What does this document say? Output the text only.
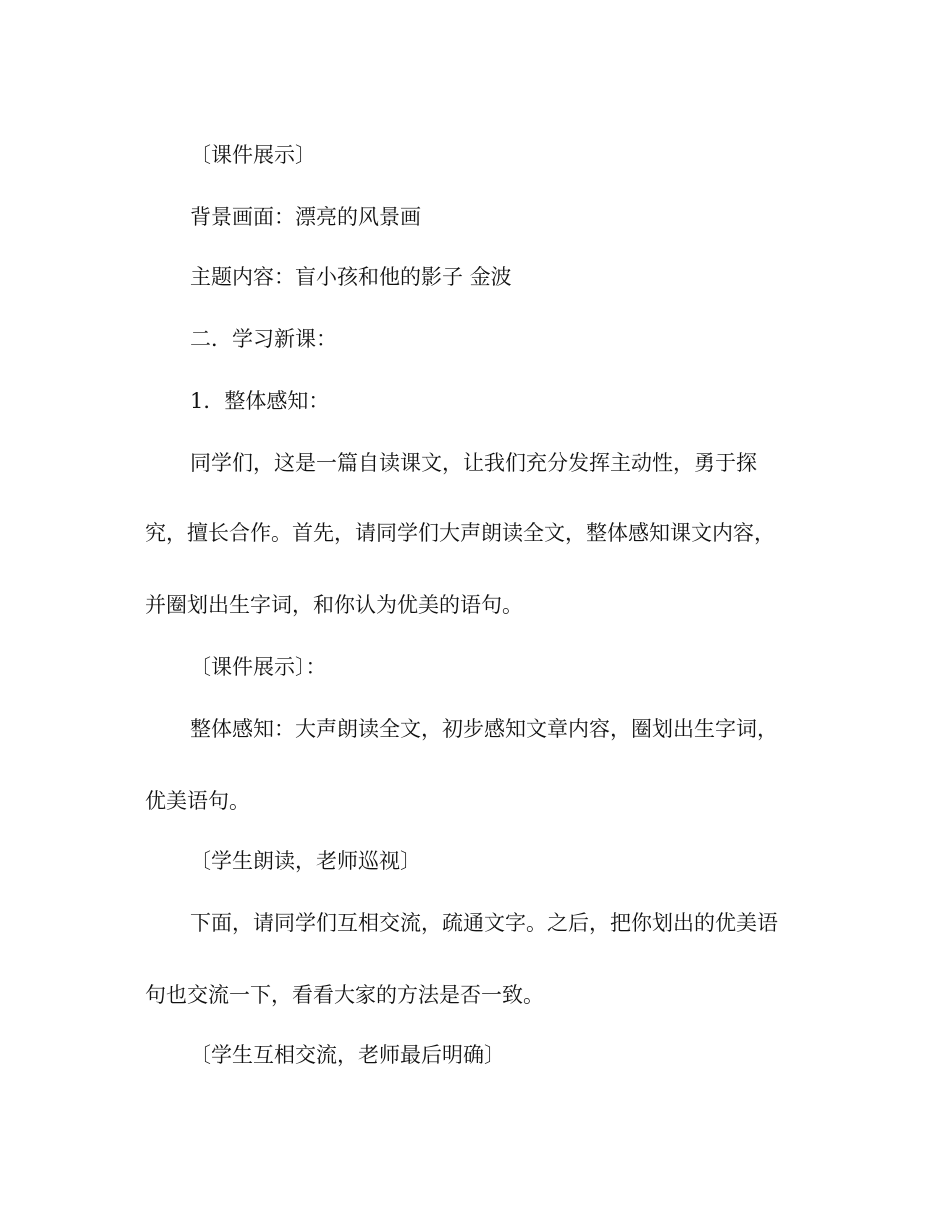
〔课件展示〕
背景画面：漂亮的风景画
主题内容：盲小孩和他的影子 金波
二．学习新课：
1．整体感知：
同学们，这是一篇自读课文，让我们充分发挥主动性，勇于探
究，擅长合作。首先，请同学们大声朗读全文，整体感知课文内容，
并圈划出生字词，和你认为优美的语句。
〔课件展示〕：
整体感知：大声朗读全文，初步感知文章内容，圈划出生字词，
优美语句。
〔学生朗读，老师巡视〕
下面，请同学们互相交流，疏通文字。之后，把你划出的优美语
句也交流一下，看看大家的方法是否一致。
〔学生互相交流，老师最后明确〕
